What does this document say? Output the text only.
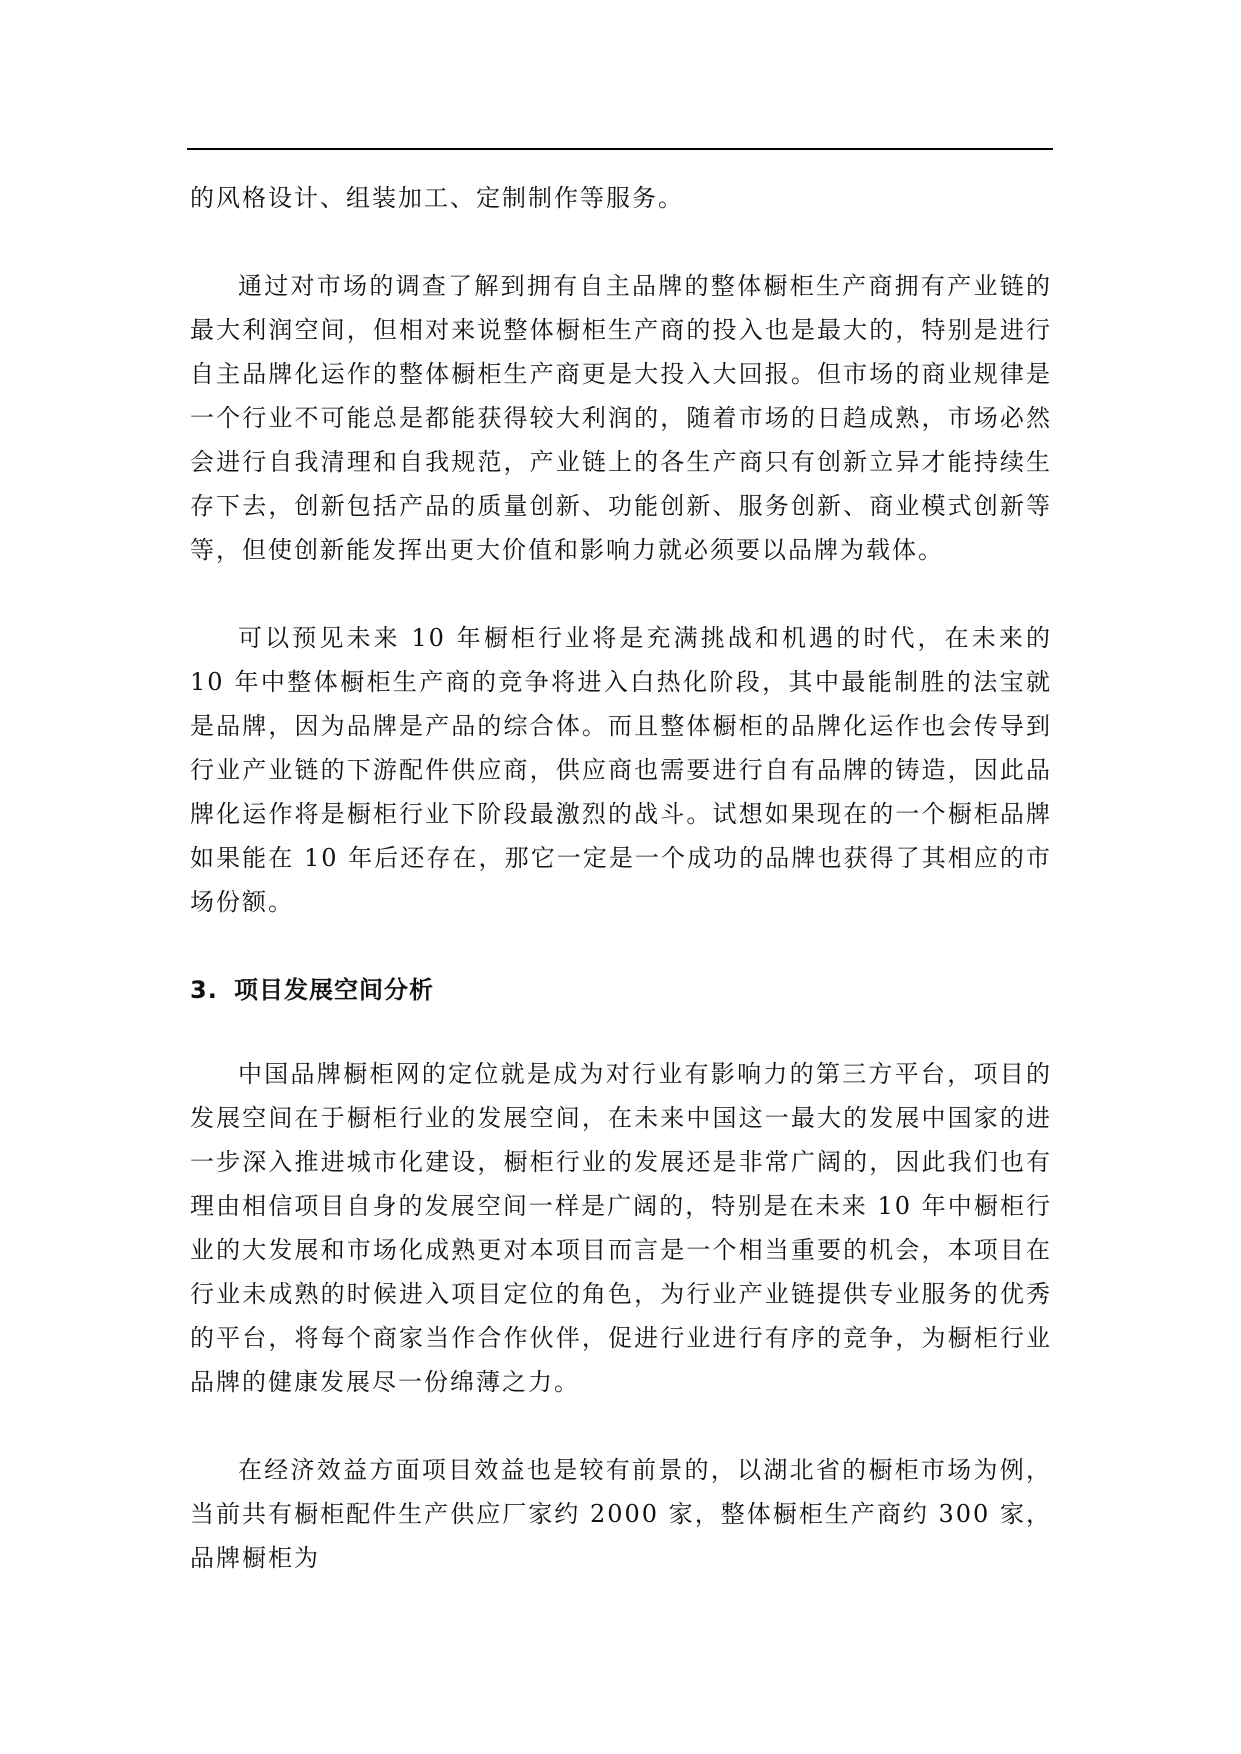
的风格设计、组装加工、定制制作等服务。

通过对市场的调查了解到拥有自主品牌的整体橱柜生产商拥有产业链的最大利润空间，但相对来说整体橱柜生产商的投入也是最大的，特别是进行自主品牌化运作的整体橱柜生产商更是大投入大回报。但市场的商业规律是一个行业不可能总是都能获得较大利润的，随着市场的日趋成熟，市场必然会进行自我清理和自我规范，产业链上的各生产商只有创新立异才能持续生存下去，创新包括产品的质量创新、功能创新、服务创新、商业模式创新等等，但使创新能发挥出更大价值和影响力就必须要以品牌为载体。

可以预见未来 10 年橱柜行业将是充满挑战和机遇的时代，在未来的 10 年中整体橱柜生产商的竞争将进入白热化阶段，其中最能制胜的法宝就是品牌，因为品牌是产品的综合体。而且整体橱柜的品牌化运作也会传导到行业产业链的下游配件供应商，供应商也需要进行自有品牌的铸造，因此品牌化运作将是橱柜行业下阶段最激烈的战斗。试想如果现在的一个橱柜品牌如果能在 10 年后还存在，那它一定是一个成功的品牌也获得了其相应的市场份额。

3. 项目发展空间分析

中国品牌橱柜网的定位就是成为对行业有影响力的第三方平台，项目的发展空间在于橱柜行业的发展空间，在未来中国这一最大的发展中国家的进一步深入推进城市化建设，橱柜行业的发展还是非常广阔的，因此我们也有理由相信项目自身的发展空间一样是广阔的，特别是在未来 10 年中橱柜行业的大发展和市场化成熟更对本项目而言是一个相当重要的机会，本项目在行业未成熟的时候进入项目定位的角色，为行业产业链提供专业服务的优秀的平台，将每个商家当作合作伙伴，促进行业进行有序的竞争，为橱柜行业品牌的健康发展尽一份绵薄之力。

在经济效益方面项目效益也是较有前景的，以湖北省的橱柜市场为例，当前共有橱柜配件生产供应厂家约 2000 家，整体橱柜生产商约 300 家，品牌橱柜为
